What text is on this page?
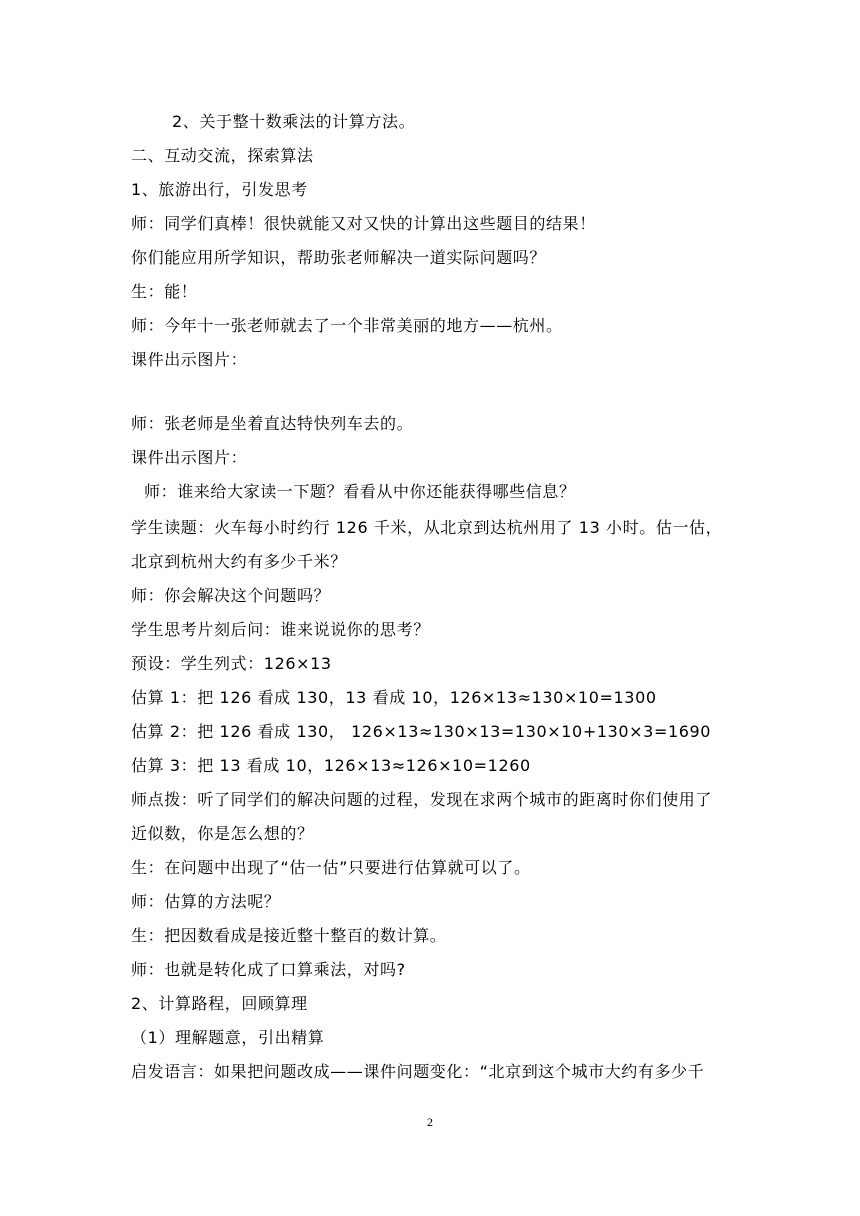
2、关于整十数乘法的计算方法。
二、互动交流，探索算法
1、旅游出行，引发思考
师：同学们真棒！很快就能又对又快的计算出这些题目的结果！
你们能应用所学知识，帮助张老师解决一道实际问题吗？
生：能！
师：今年十一张老师就去了一个非常美丽的地方——杭州。
课件出示图片：
师：张老师是坐着直达特快列车去的。
课件出示图片：
师：谁来给大家读一下题？看看从中你还能获得哪些信息？
学生读题：火车每小时约行 126 千米，从北京到达杭州用了 13 小时。估一估，
北京到杭州大约有多少千米？
师：你会解决这个问题吗？
学生思考片刻后问：谁来说说你的思考？
预设：学生列式：126×13
估算 1：把 126 看成 130，13 看成 10，126×13≈130×10=1300
估算 2：把 126 看成 130， 126×13≈130×13=130×10+130×3=1690
估算 3：把 13 看成 10，126×13≈126×10=1260
师点拨：听了同学们的解决问题的过程，发现在求两个城市的距离时你们使用了
近似数，你是怎么想的？
生：在问题中出现了“估一估”只要进行估算就可以了。
师：估算的方法呢？
生：把因数看成是接近整十整百的数计算。
师：也就是转化成了口算乘法，对吗?
2、计算路程，回顾算理
（1）理解题意，引出精算
启发语言：如果把问题改成——课件问题变化：“北京到这个城市大约有多少千
2
